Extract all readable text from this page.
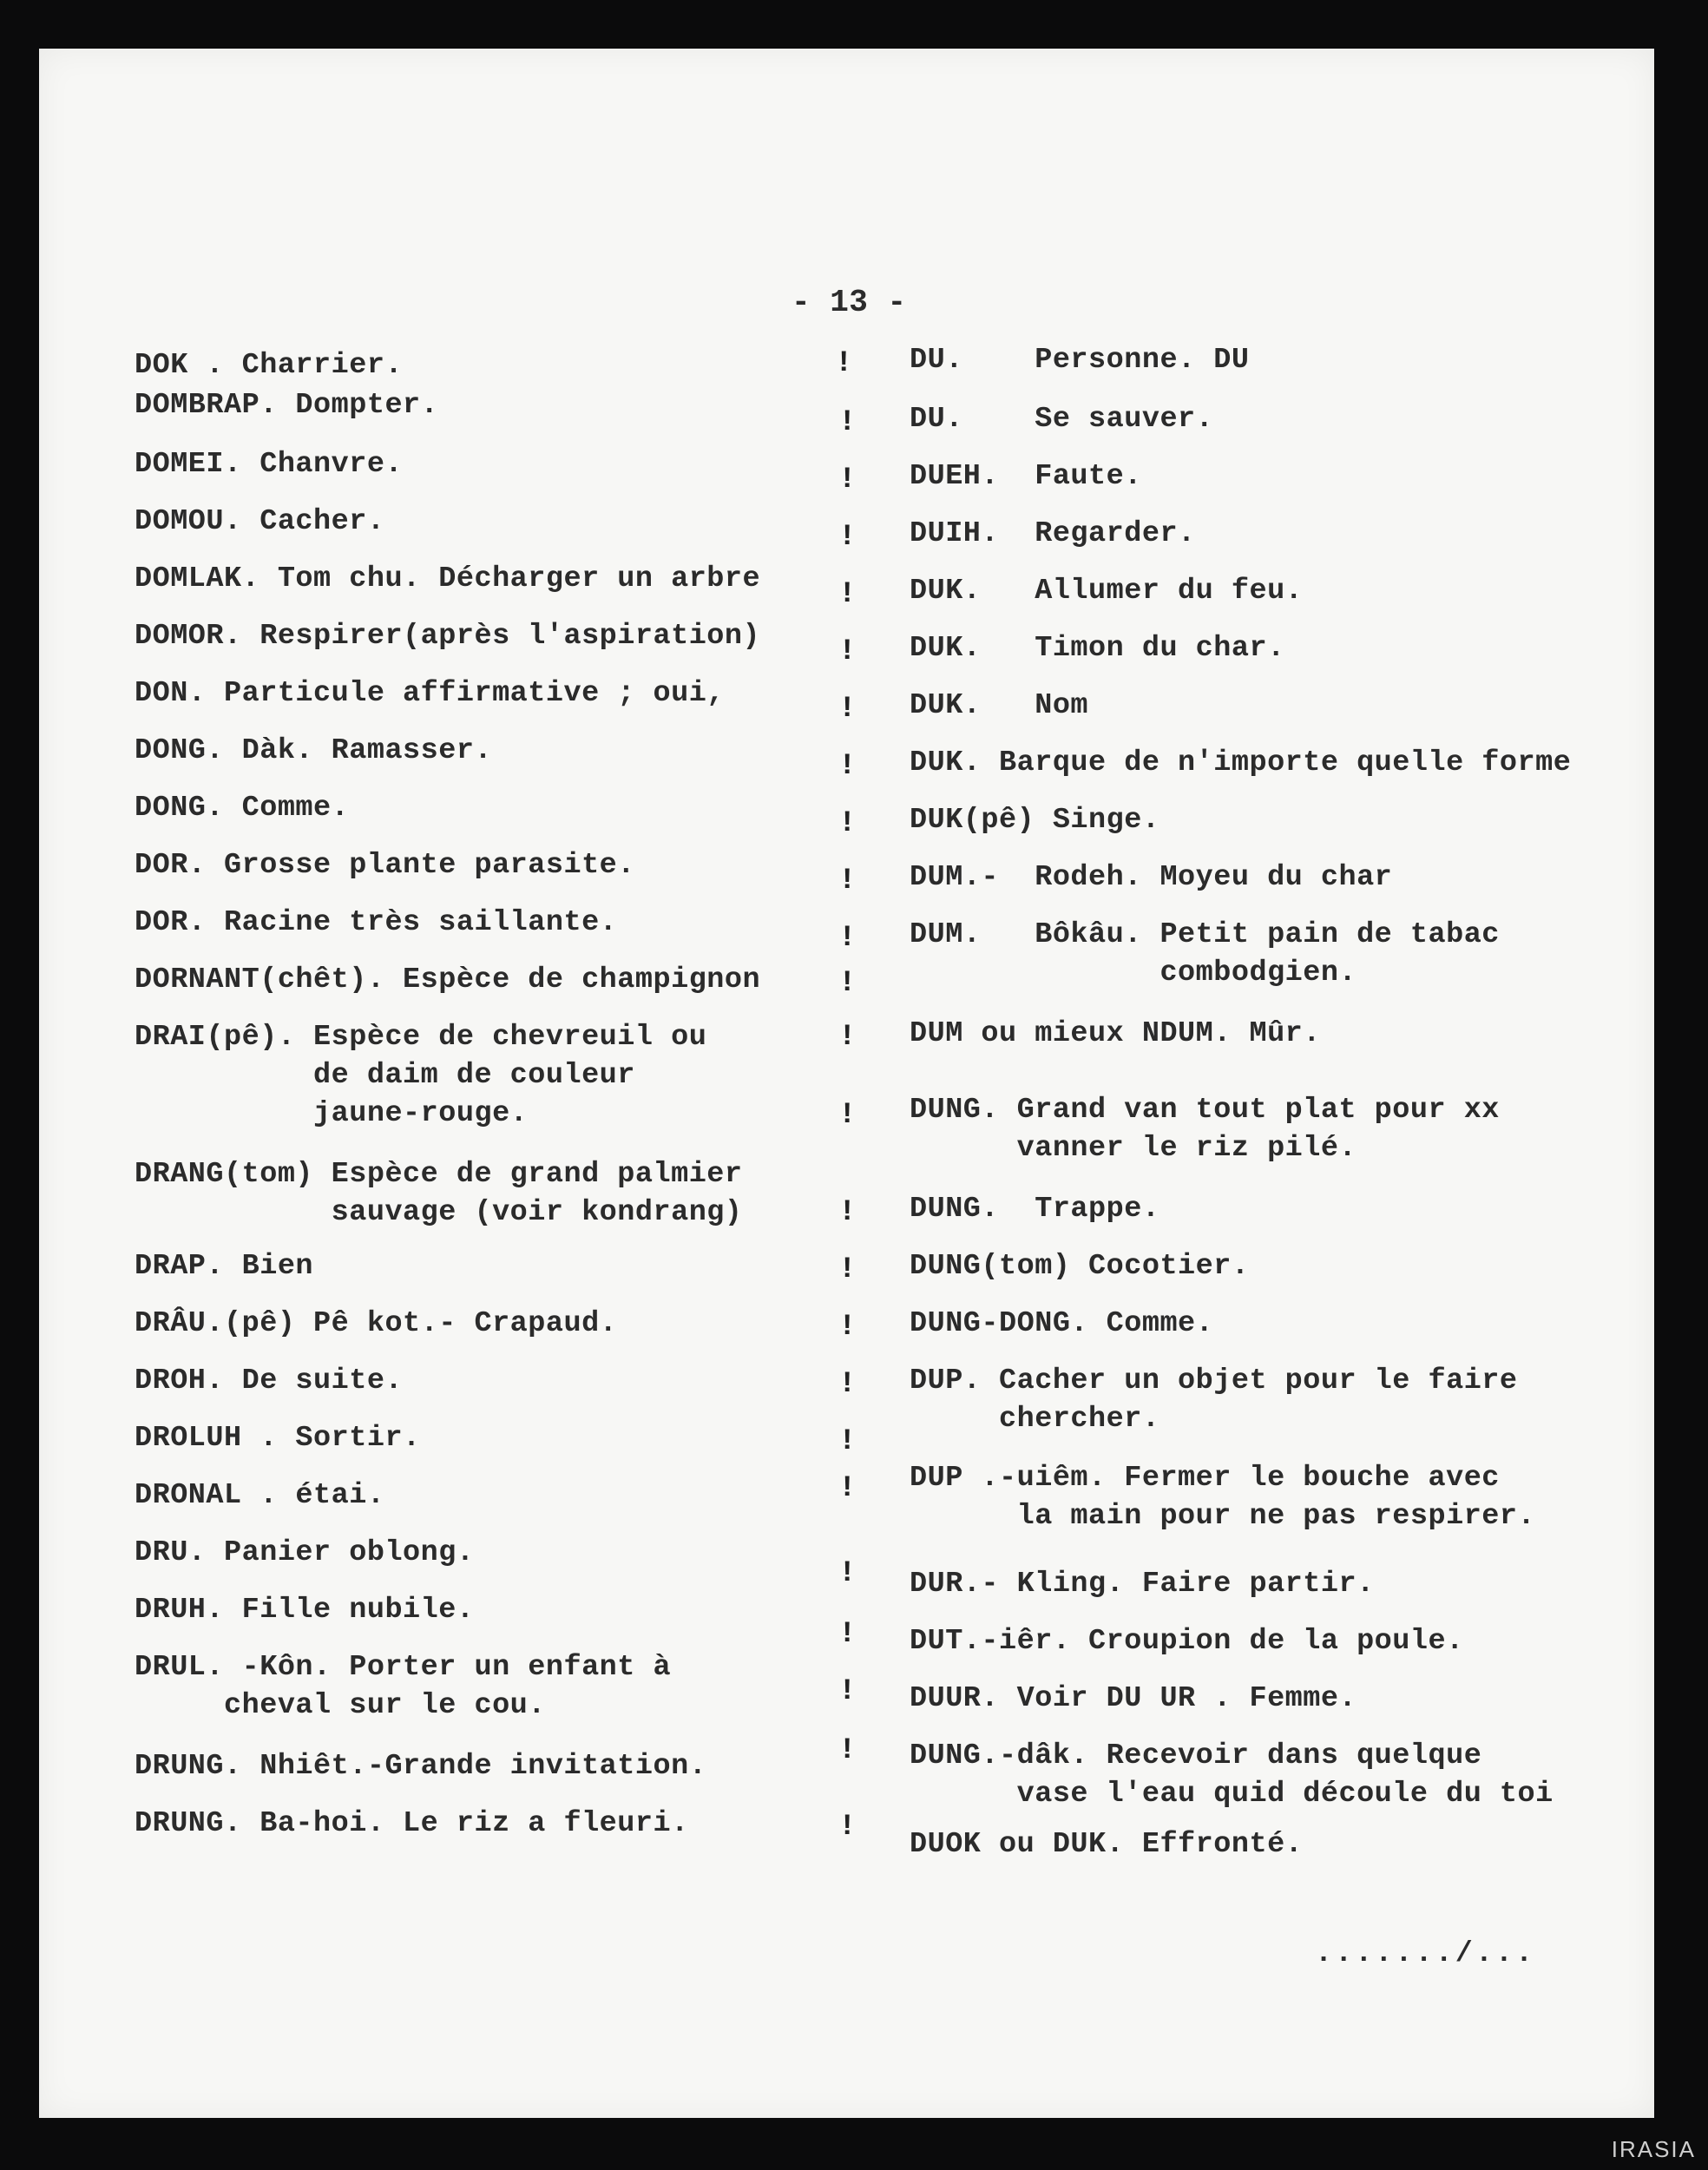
- 13 -
DOK . Charrier.
DOMBRAP. Dompter.
DOMEI. Chanvre.
DOMOU. Cacher.
DOMLAK. Tom chu. Décharger un arbre
DOMOR. Respirer(après l'aspiration)
DON. Particule affirmative ; oui,
DONG. Dàk. Ramasser.
DONG. Comme.
DOR. Grosse plante parasite.
DOR. Racine très saillante.
DORNANT(chêt). Espèce de champignon
DRAI(pê). Espèce de chevreuil ou
de daim de couleur
jaune-rouge.
DRANG(tom) Espèce de grand palmier
sauvage (voir kondrang)
DRAP. Bien
DRÂU.(pê) Pê kot.- Crapaud.
DROH. De suite.
DROLUH . Sortir.
DRONAL . étai.
DRU. Panier oblong.
DRUH. Fille nubile.
DRUL. -Kôn. Porter un enfant à
cheval sur le cou.
DRUNG. Nhiêt.-Grande invitation.
DRUNG. Ba-hoi. Le riz a fleuri.
DU.    Personne. DU
DU.    Se sauver.
DUEH.  Faute.
DUIH.  Regarder.
DUK.   Allumer du feu.
DUK.   Timon du char.
DUK.   Nom
DUK. Barque de n'importe quelle forme
DUK(pê) Singe.
DUM.-  Rodeh. Moyeu du char
DUM.   Bôkâu. Petit pain de tabac
combodgien.
DUM ou mieux NDUM. Mûr.
DUNG. Grand van tout plat pour xx
vanner le riz pilé.
DUNG.  Trappe.
DUNG(tom) Cocotier.
DUNG-DONG. Comme.
DUP. Cacher un objet pour le faire
chercher.
DUP .-uiêm. Fermer le bouche avec
la main pour ne pas respirer.
DUR.- Kling. Faire partir.
DUT.-iêr. Croupion de la poule.
DUUR. Voir DU UR . Femme.
DUNG.-dâk. Recevoir dans quelque
vase l'eau quid découle du toi
DUOK ou DUK. Effronté.
!
!
!
!
!
!
!
!
!
!
!
!
!
!
!
!
!
!
!
!
!
!
!
!
!
......./...
IRASIA
